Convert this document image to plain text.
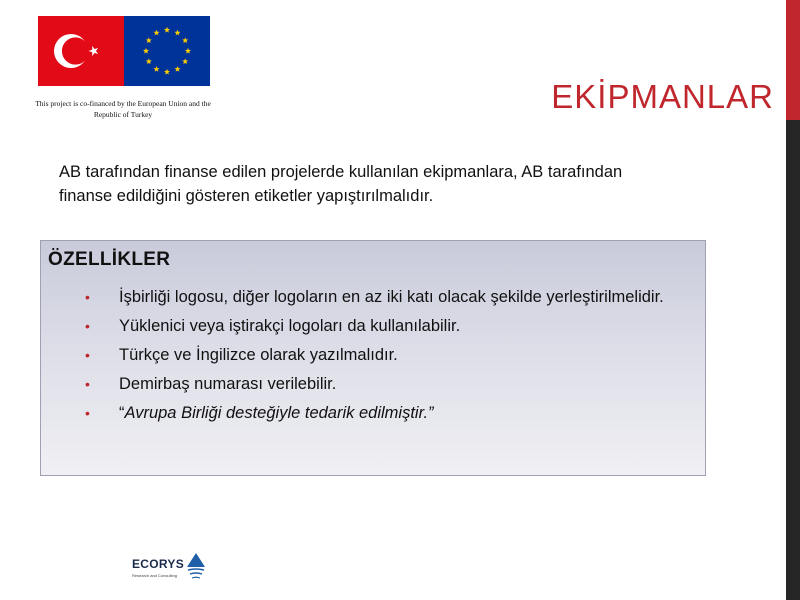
This project is co-financed by the European Union and the Republic of Turkey	EKİPMANLAR
AB tarafından finanse edilen projelerde kullanılan ekipmanlara, AB tarafından finanse edildiğini gösteren etiketler yapıştırılmalıdır.
ÖZELLİKLER
• İşbirliği logosu, diğer logoların en az iki katı olacak şekilde yerleştirilmelidir.
• Yüklenici veya iştirakçi logoları da kullanılabilir.
• Türkçe ve İngilizce olarak yazılmalıdır.
• Demirbaş numarası verilebilir.
• “Avrupa Birliği desteğiyle tedarik edilmiştir.”
ECORYS
Research and Consulting
